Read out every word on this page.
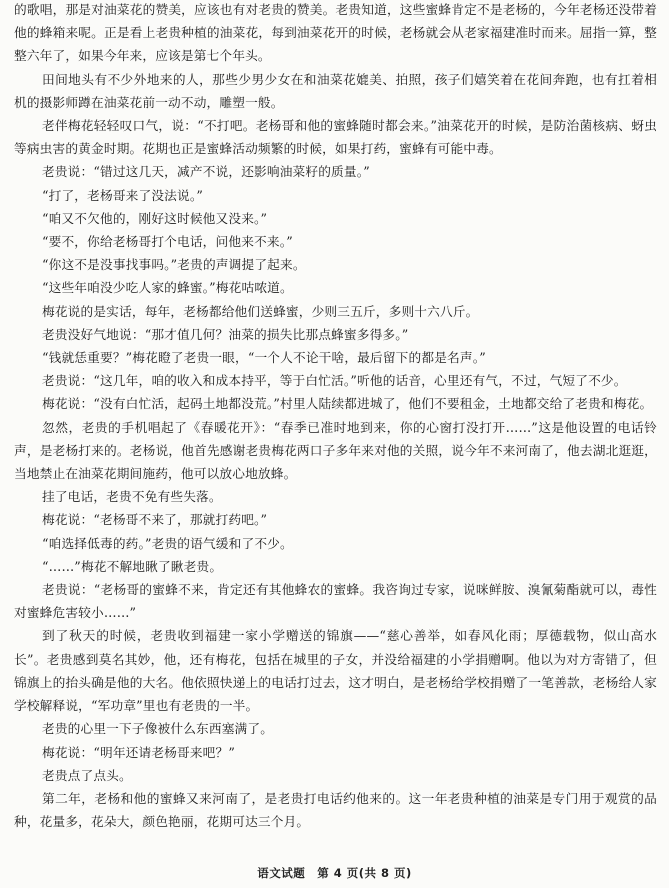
的歌唱，那是对油菜花的赞美，应该也有对老贵的赞美。老贵知道，这些蜜蜂肯定不是老杨的，今年老杨还没带着他的蜂箱来呢。正是看上老贵种植的油菜花，每到油菜花开的时候，老杨就会从老家福建准时而来。屈指一算，整整六年了，如果今年来，应该是第七个年头。

田间地头有不少外地来的人，那些少男少女在和油菜花媲美、拍照，孩子们嬉笑着在花间奔跑，也有扛着相机的摄影师蹲在油菜花前一动不动，雕塑一般。

老伴梅花轻轻叹口气，说：“不打吧。老杨哥和他的蜜蜂随时都会来。”油菜花开的时候，是防治菌核病、蚜虫等病虫害的黄金时期。花期也正是蜜蜂活动频繁的时候，如果打药，蜜蜂有可能中毒。

老贵说：“错过这几天，减产不说，还影响油菜籽的质量。”

“打了，老杨哥来了没法说。”

“咱又不欠他的，刚好这时候他又没来。”

“要不，你给老杨哥打个电话，问他来不来。”

“你这不是没事找事吗。”老贵的声调提了起来。

“这些年咱没少吃人家的蜂蜜。”梅花咕哝道。

梅花说的是实话，每年，老杨都给他们送蜂蜜，少则三五斤，多则十六八斤。

老贵没好气地说：“那才值几何？油菜的损失比那点蜂蜜多得多。”

“钱就恁重要？”梅花瞪了老贵一眼，“一个人不论干啥，最后留下的都是名声。”

老贵说：“这几年，咱的收入和成本持平，等于白忙活。”听他的话音，心里还有气，不过，气短了不少。

梅花说：“没有白忙活，起码土地都没荒。”村里人陆续都进城了，他们不要租金，土地都交给了老贵和梅花。

忽然，老贵的手机唱起了《春暖花开》：“春季已准时地到来，你的心窗打没打开……”这是他设置的电话铃声，是老杨打来的。老杨说，他首先感谢老贵梅花两口子多年来对他的关照，说今年不来河南了，他去湖北逛逛，当地禁止在油菜花期间施药，他可以放心地放蜂。

挂了电话，老贵不免有些失落。

梅花说：“老杨哥不来了，那就打药吧。”

“咱选择低毒的药。”老贵的语气缓和了不少。

“……”梅花不解地瞅了瞅老贵。

老贵说：“老杨哥的蜜蜂不来，肯定还有其他蜂农的蜜蜂。我咨询过专家，说咪鲜胺、溴氰菊酯就可以，毒性对蜜蜂危害较小……”

到了秋天的时候，老贵收到福建一家小学赠送的锦旗——“慈心善举，如春风化雨；厚德载物，似山高水长”。老贵感到莫名其妙，他，还有梅花，包括在城里的子女，并没给福建的小学捐赠啊。他以为对方寄错了，但锦旗上的抬头确是他的大名。他依照快递上的电话打过去，这才明白，是老杨给学校捐赠了一笔善款，老杨给人家学校解释说，“军功章”里也有老贵的一半。

老贵的心里一下子像被什么东西塞满了。

梅花说：“明年还请老杨哥来吧？”

老贵点了点头。

第二年，老杨和他的蜜蜂又来河南了，是老贵打电话约他来的。这一年老贵种植的油菜是专门用于观赏的品种，花量多，花朵大，颜色艳丽，花期可达三个月。

语文试题　第 4 页(共 8 页)
